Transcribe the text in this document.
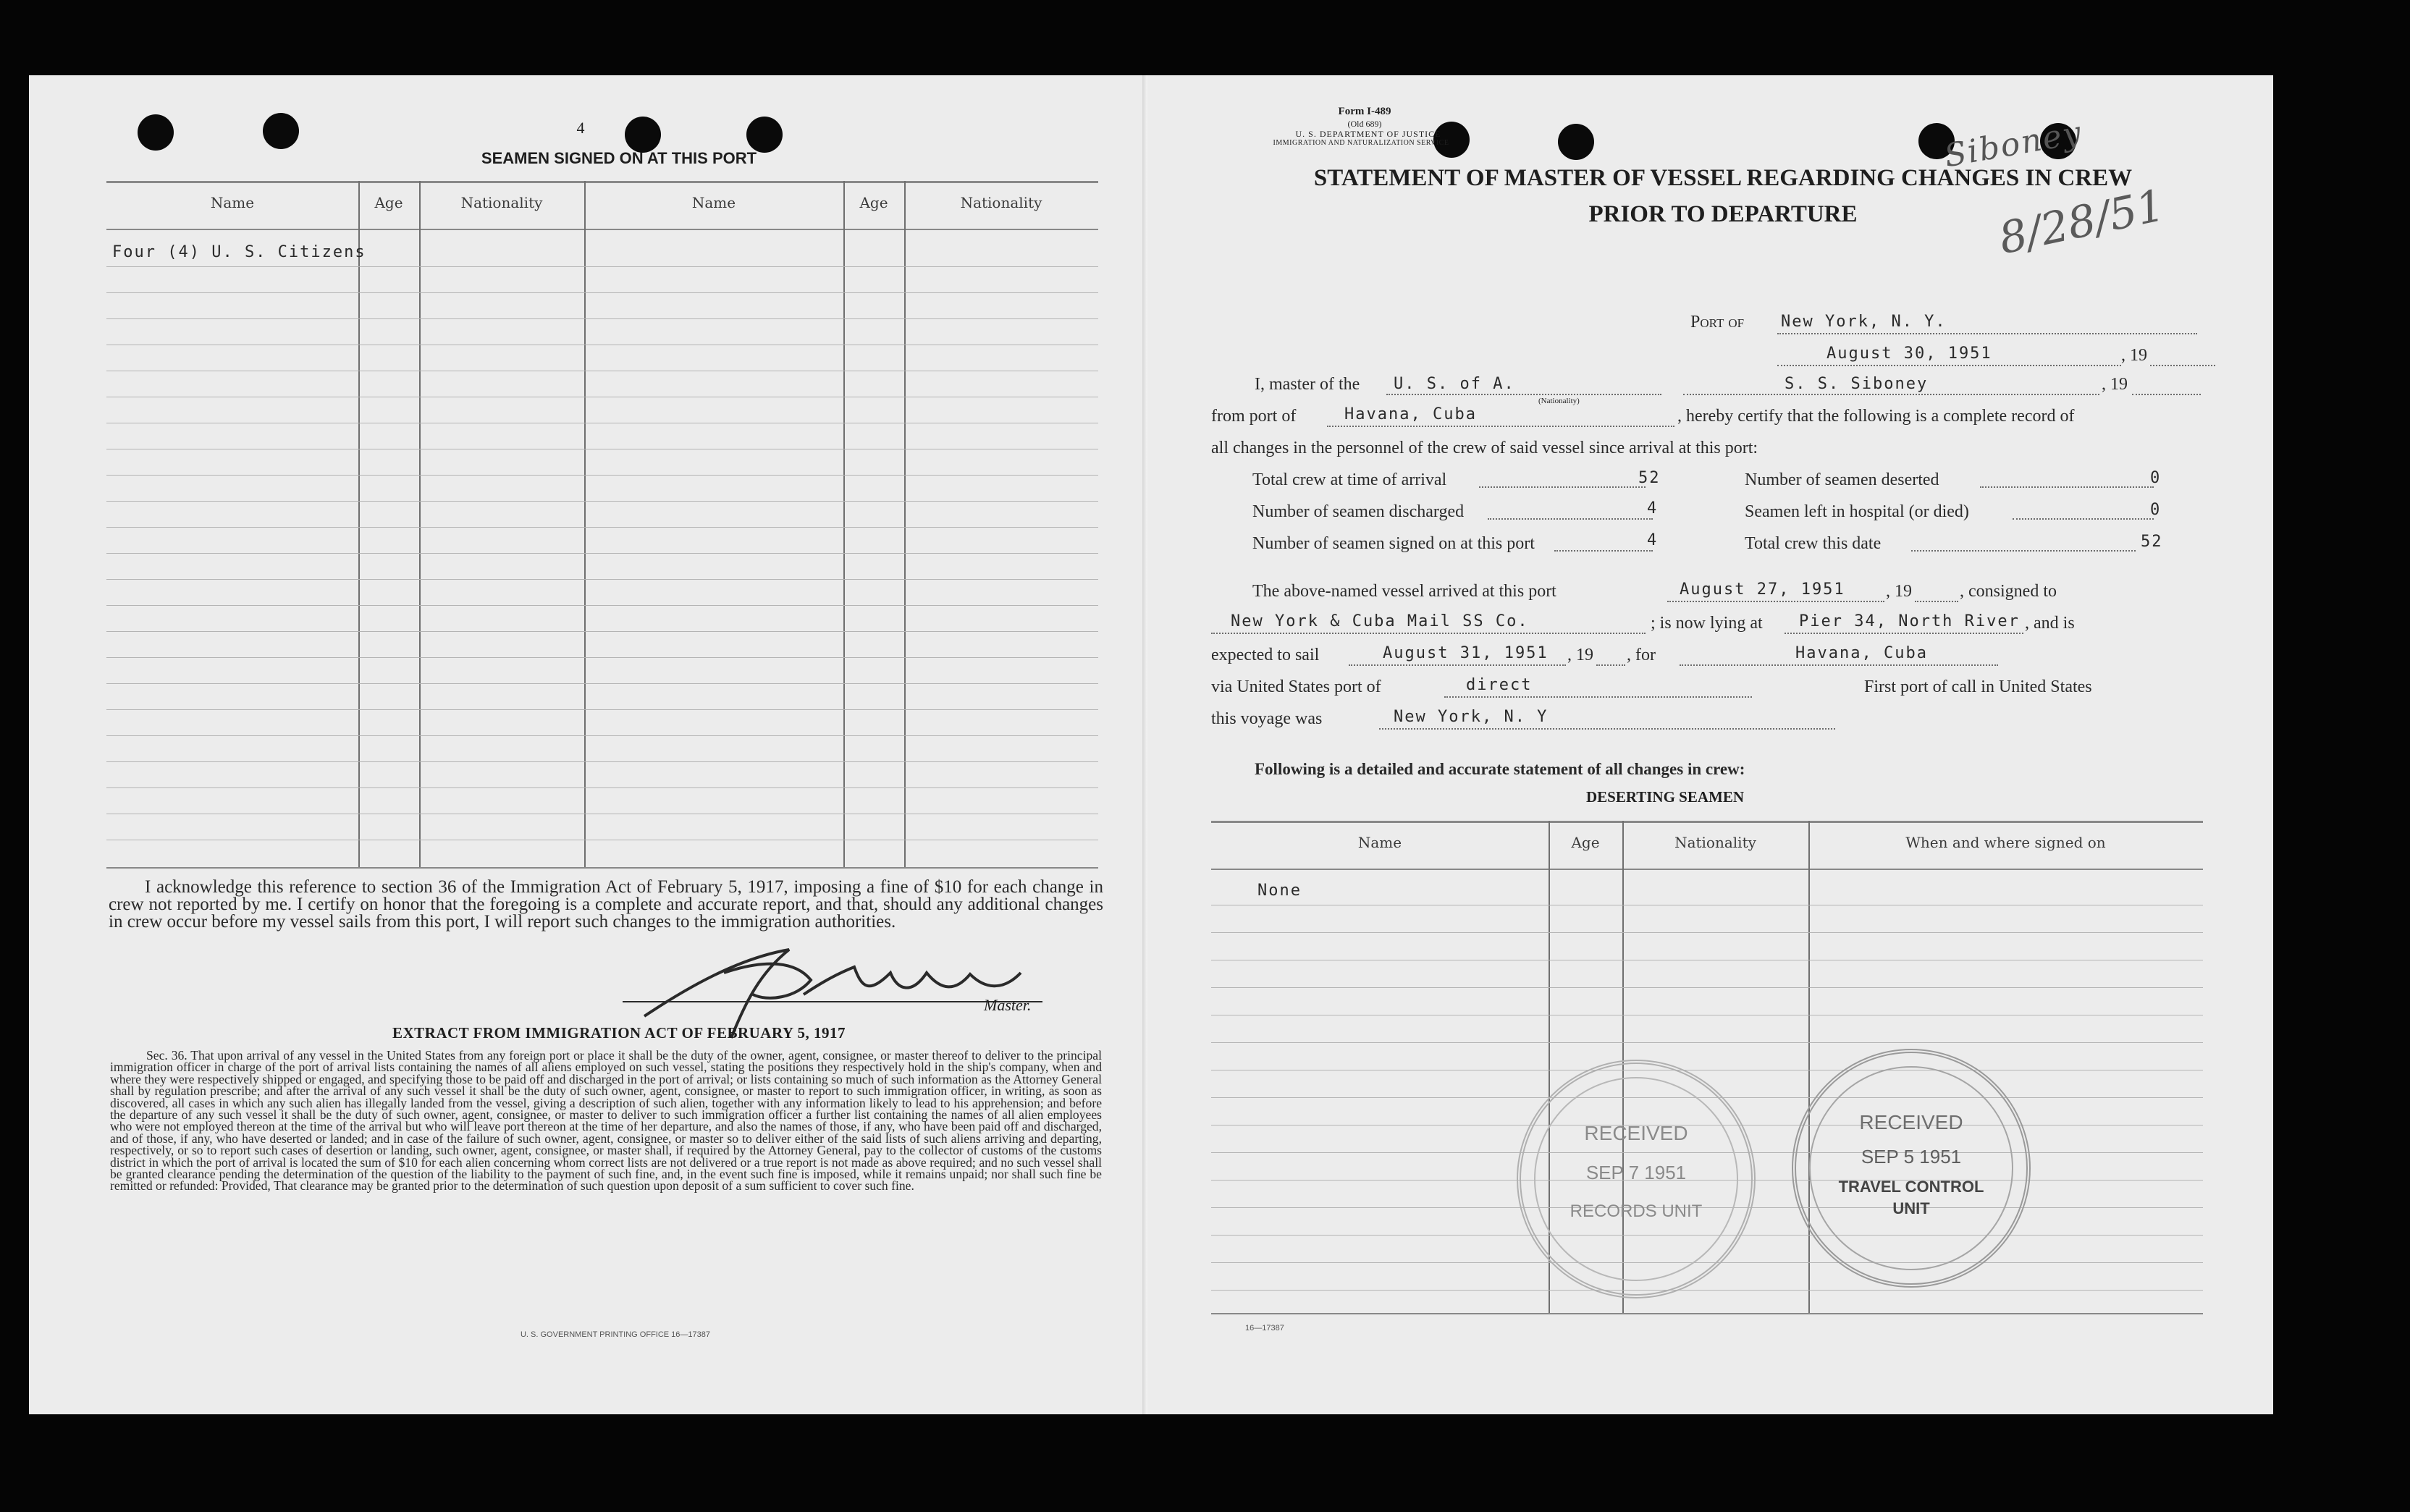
4
SEAMEN SIGNED ON AT THIS PORT
Name	Age	Nationality	Name	Age	Nationality
Four (4) U. S. Citizens
I acknowledge this reference to section 36 of the Immigration Act of February 5, 1917, imposing a fine of $10 for each change in crew not reported by me. I certify on honor that the foregoing is a complete and accurate report, and that, should any additional changes in crew occur before my vessel sails from this port, I will report such changes to the immigration authorities.
Master.
EXTRACT FROM IMMIGRATION ACT OF FEBRUARY 5, 1917
Sec. 36. That upon arrival of any vessel in the United States from any foreign port or place it shall be the duty of the owner, agent, consignee, or master thereof to deliver to the principal immigration officer in charge of the port of arrival lists containing the names of all aliens employed on such vessel, stating the positions they respectively hold in the ship's company, when and where they were respectively shipped or engaged, and specifying those to be paid off and discharged in the port of arrival; or lists containing so much of such information as the Attorney General shall by regulation prescribe; and after the arrival of any such vessel it shall be the duty of such owner, agent, consignee, or master to report to such immigration officer, in writing, as soon as discovered, all cases in which any such alien has illegally landed from the vessel, giving a description of such alien, together with any information likely to lead to his apprehension; and before the departure of any such vessel it shall be the duty of such owner, agent, consignee, or master to deliver to such immigration officer a further list containing the names of all alien employees who were not employed thereon at the time of the arrival but who will leave port thereon at the time of her departure, and also the names of those, if any, who have been paid off and discharged, and of those, if any, who have deserted or landed; and in case of the failure of such owner, agent, consignee, or master so to deliver either of the said lists of such aliens arriving and departing, respectively, or so to report such cases of desertion or landing, such owner, agent, consignee, or master shall, if required by the Attorney General, pay to the collector of customs of the customs district in which the port of arrival is located the sum of $10 for each alien concerning whom correct lists are not delivered or a true report is not made as above required; and no such vessel shall be granted clearance pending the determination of the question of the liability to the payment of such fine, and, in the event such fine is imposed, while it remains unpaid; nor shall such fine be remitted or refunded: Provided, That clearance may be granted prior to the determination of such question upon deposit of a sum sufficient to cover such fine.
U. S. GOVERNMENT PRINTING OFFICE 16—17387
Form I-489
(Old 689)
U. S. DEPARTMENT OF JUSTICE
IMMIGRATION AND NATURALIZATION SERVICE
STATEMENT OF MASTER OF VESSEL REGARDING CHANGES IN CREW
PRIOR TO DEPARTURE
Siboney
8/28/51
Port of New York, N. Y.
August 30, 1951	, 19
I, master of the U. S. of A.
(Nationality)
S. S. Siboney	, 19
from port of	Havana, Cuba	, hereby certify that the following is a complete record of
all changes in the personnel of the crew of said vessel since arrival at this port:
Total crew at time of arrival	52	Number of seamen deserted	0
Number of seamen discharged	4	Seamen left in hospital (or died)	0
Number of seamen signed on at this port	4	Total crew this date	52
The above-named vessel arrived at this port	August 27, 1951 , 19	, consigned to
New York & Cuba Mail SS Co.	; is now lying at Pier 34, North River , and is
expected to sail	August 31, 1951 , 19 , for	Havana, Cuba
via United States port of	direct	First port of call in United States
this voyage was	New York, N. Y
Following is a detailed and accurate statement of all changes in crew:
DESERTING SEAMEN
Name	Age	Nationality	When and where signed on
None
RECEIVED
SEP 7 1951
RECORDS UNIT
RECEIVED
SEP 5 1951
TRAVEL CONTROL
UNIT
16—17387
